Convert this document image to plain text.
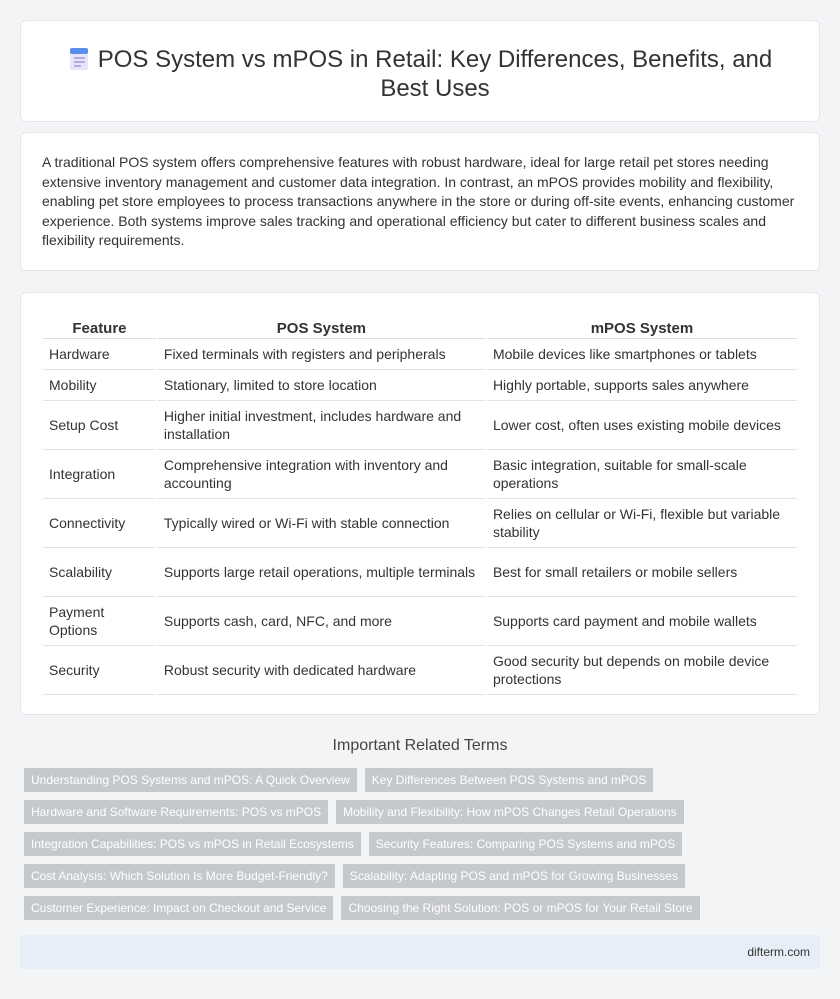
POS System vs mPOS in Retail: Key Differences, Benefits, and Best Uses

A traditional POS system offers comprehensive features with robust hardware, ideal for large retail pet stores needing extensive inventory management and customer data integration. In contrast, an mPOS provides mobility and flexibility, enabling pet store employees to process transactions anywhere in the store or during off-site events, enhancing customer experience. Both systems improve sales tracking and operational efficiency but cater to different business scales and flexibility requirements.

Feature	POS System	mPOS System
Hardware	Fixed terminals with registers and peripherals	Mobile devices like smartphones or tablets
Mobility	Stationary, limited to store location	Highly portable, supports sales anywhere
Setup Cost	Higher initial investment, includes hardware and installation	Lower cost, often uses existing mobile devices
Integration	Comprehensive integration with inventory and accounting	Basic integration, suitable for small-scale operations
Connectivity	Typically wired or Wi-Fi with stable connection	Relies on cellular or Wi-Fi, flexible but variable stability
Scalability	Supports large retail operations, multiple terminals	Best for small retailers or mobile sellers
Payment Options	Supports cash, card, NFC, and more	Supports card payment and mobile wallets
Security	Robust security with dedicated hardware	Good security but depends on mobile device protections
Important Related Terms
Understanding POS Systems and mPOS: A Quick Overview	Key Differences Between POS Systems and mPOS
Hardware and Software Requirements: POS vs mPOS	Mobility and Flexibility: How mPOS Changes Retail Operations
Integration Capabilities: POS vs mPOS in Retail Ecosystems	Security Features: Comparing POS Systems and mPOS
Cost Analysis: Which Solution Is More Budget-Friendly?	Scalability: Adapting POS and mPOS for Growing Businesses
Customer Experience: Impact on Checkout and Service	Choosing the Right Solution: POS or mPOS for Your Retail Store
difterm.com
